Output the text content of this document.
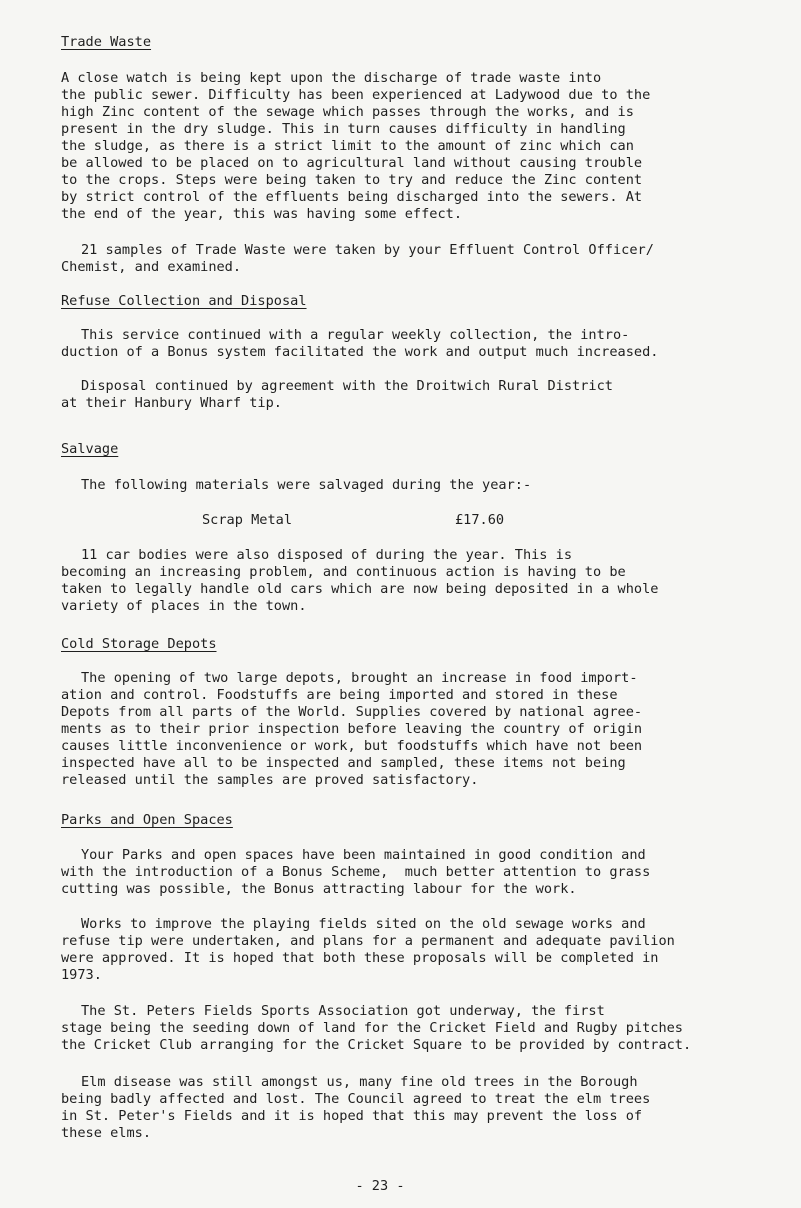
Trade Waste
A close watch is being kept upon the discharge of trade waste into
the public sewer. Difficulty has been experienced at Ladywood due to the
high Zinc content of the sewage which passes through the works, and is
present in the dry sludge. This in turn causes difficulty in handling
the sludge, as there is a strict limit to the amount of zinc which can
be allowed to be placed on to agricultural land without causing trouble
to the crops. Steps were being taken to try and reduce the Zinc content
by strict control of the effluents being discharged into the sewers. At
the end of the year, this was having some effect.
21 samples of Trade Waste were taken by your Effluent Control Officer/
Chemist, and examined.
Refuse Collection and Disposal
This service continued with a regular weekly collection, the intro-
duction of a Bonus system facilitated the work and output much increased.
Disposal continued by agreement with the Droitwich Rural District
at their Hanbury Wharf tip.
Salvage
The following materials were salvaged during the year:-
Scrap Metal	£17.60
11 car bodies were also disposed of during the year. This is
becoming an increasing problem, and continuous action is having to be
taken to legally handle old cars which are now being deposited in a whole
variety of places in the town.
Cold Storage Depots
The opening of two large depots, brought an increase in food import-
ation and control. Foodstuffs are being imported and stored in these
Depots from all parts of the World. Supplies covered by national agree-
ments as to their prior inspection before leaving the country of origin
causes little inconvenience or work, but foodstuffs which have not been
inspected have all to be inspected and sampled, these items not being
released until the samples are proved satisfactory.
Parks and Open Spaces
Your Parks and open spaces have been maintained in good condition and
with the introduction of a Bonus Scheme,  much better attention to grass
cutting was possible, the Bonus attracting labour for the work.
Works to improve the playing fields sited on the old sewage works and
refuse tip were undertaken, and plans for a permanent and adequate pavilion
were approved. It is hoped that both these proposals will be completed in
1973.
The St. Peters Fields Sports Association got underway, the first
stage being the seeding down of land for the Cricket Field and Rugby pitches
the Cricket Club arranging for the Cricket Square to be provided by contract.
Elm disease was still amongst us, many fine old trees in the Borough
being badly affected and lost. The Council agreed to treat the elm trees
in St. Peter's Fields and it is hoped that this may prevent the loss of
these elms.
- 23 -
